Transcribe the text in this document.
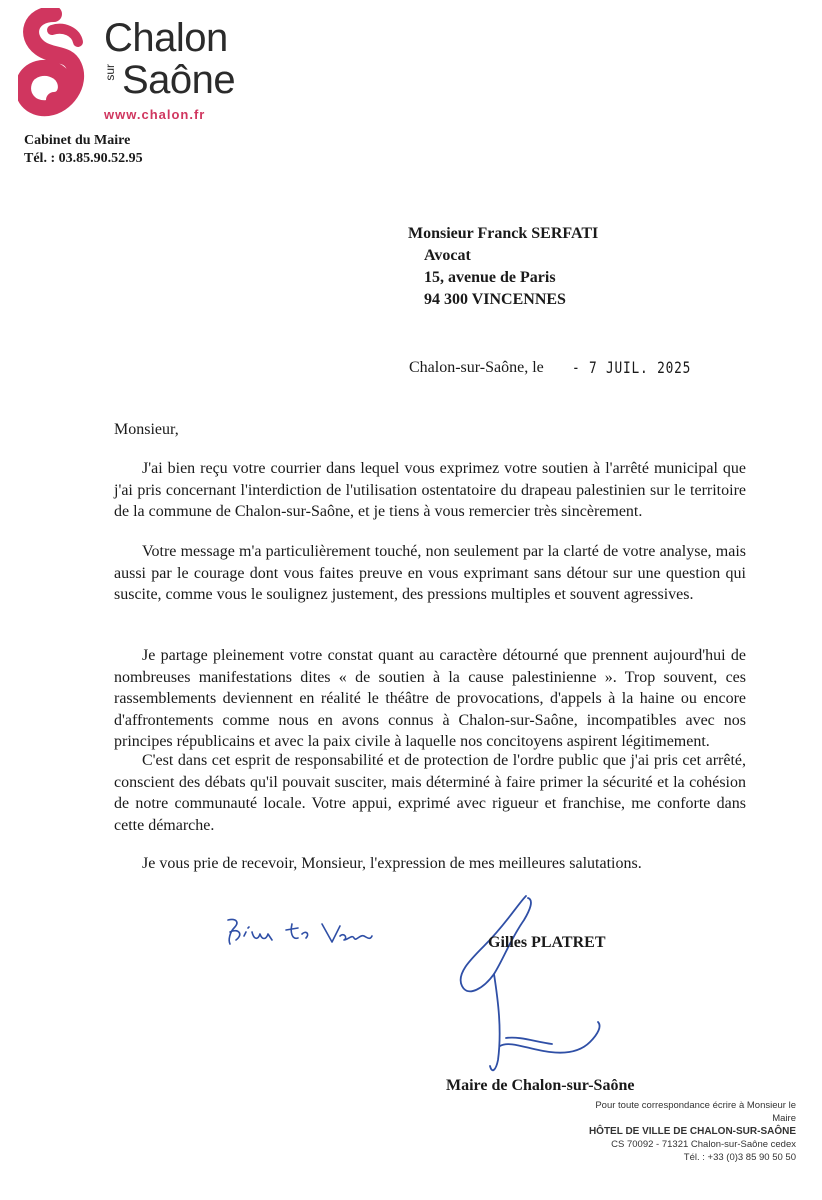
Chalon
sur Saône
www.chalon.fr
Cabinet du Maire
Tél. : 03.85.90.52.95
Monsieur Franck SERFATI
Avocat
15, avenue de Paris
94 300 VINCENNES
Chalon-sur-Saône, le - 7 JUIL. 2025
Monsieur,

J'ai bien reçu votre courrier dans lequel vous exprimez votre soutien à l'arrêté municipal que j'ai pris concernant l'interdiction de l'utilisation ostentatoire du drapeau palestinien sur le territoire de la commune de Chalon-sur-Saône, et je tiens à vous remercier très sincèrement.

Votre message m'a particulièrement touché, non seulement par la clarté de votre analyse, mais aussi par le courage dont vous faites preuve en vous exprimant sans détour sur une question qui suscite, comme vous le soulignez justement, des pressions multiples et souvent agressives.

Je partage pleinement votre constat quant au caractère détourné que prennent aujourd'hui de nombreuses manifestations dites « de soutien à la cause palestinienne ». Trop souvent, ces rassemblements deviennent en réalité le théâtre de provocations, d'appels à la haine ou encore d'affrontements comme nous en avons connus à Chalon-sur-Saône, incompatibles avec nos principes républicains et avec la paix civile à laquelle nos concitoyens aspirent légitimement.

C'est dans cet esprit de responsabilité et de protection de l'ordre public que j'ai pris cet arrêté, conscient des débats qu'il pouvait susciter, mais déterminé à faire primer la sécurité et la cohésion de notre communauté locale. Votre appui, exprimé avec rigueur et franchise, me conforte dans cette démarche.

Je vous prie de recevoir, Monsieur, l'expression de mes meilleures salutations.

Gilles PLATRET
Maire de Chalon-sur-Saône
Pour toute correspondance écrire à Monsieur le Maire
HÔTEL DE VILLE DE CHALON-SUR-SAÔNE
CS 70092 - 71321 Chalon-sur-Saône cedex
Tél. : +33 (0)3 85 90 50 50
